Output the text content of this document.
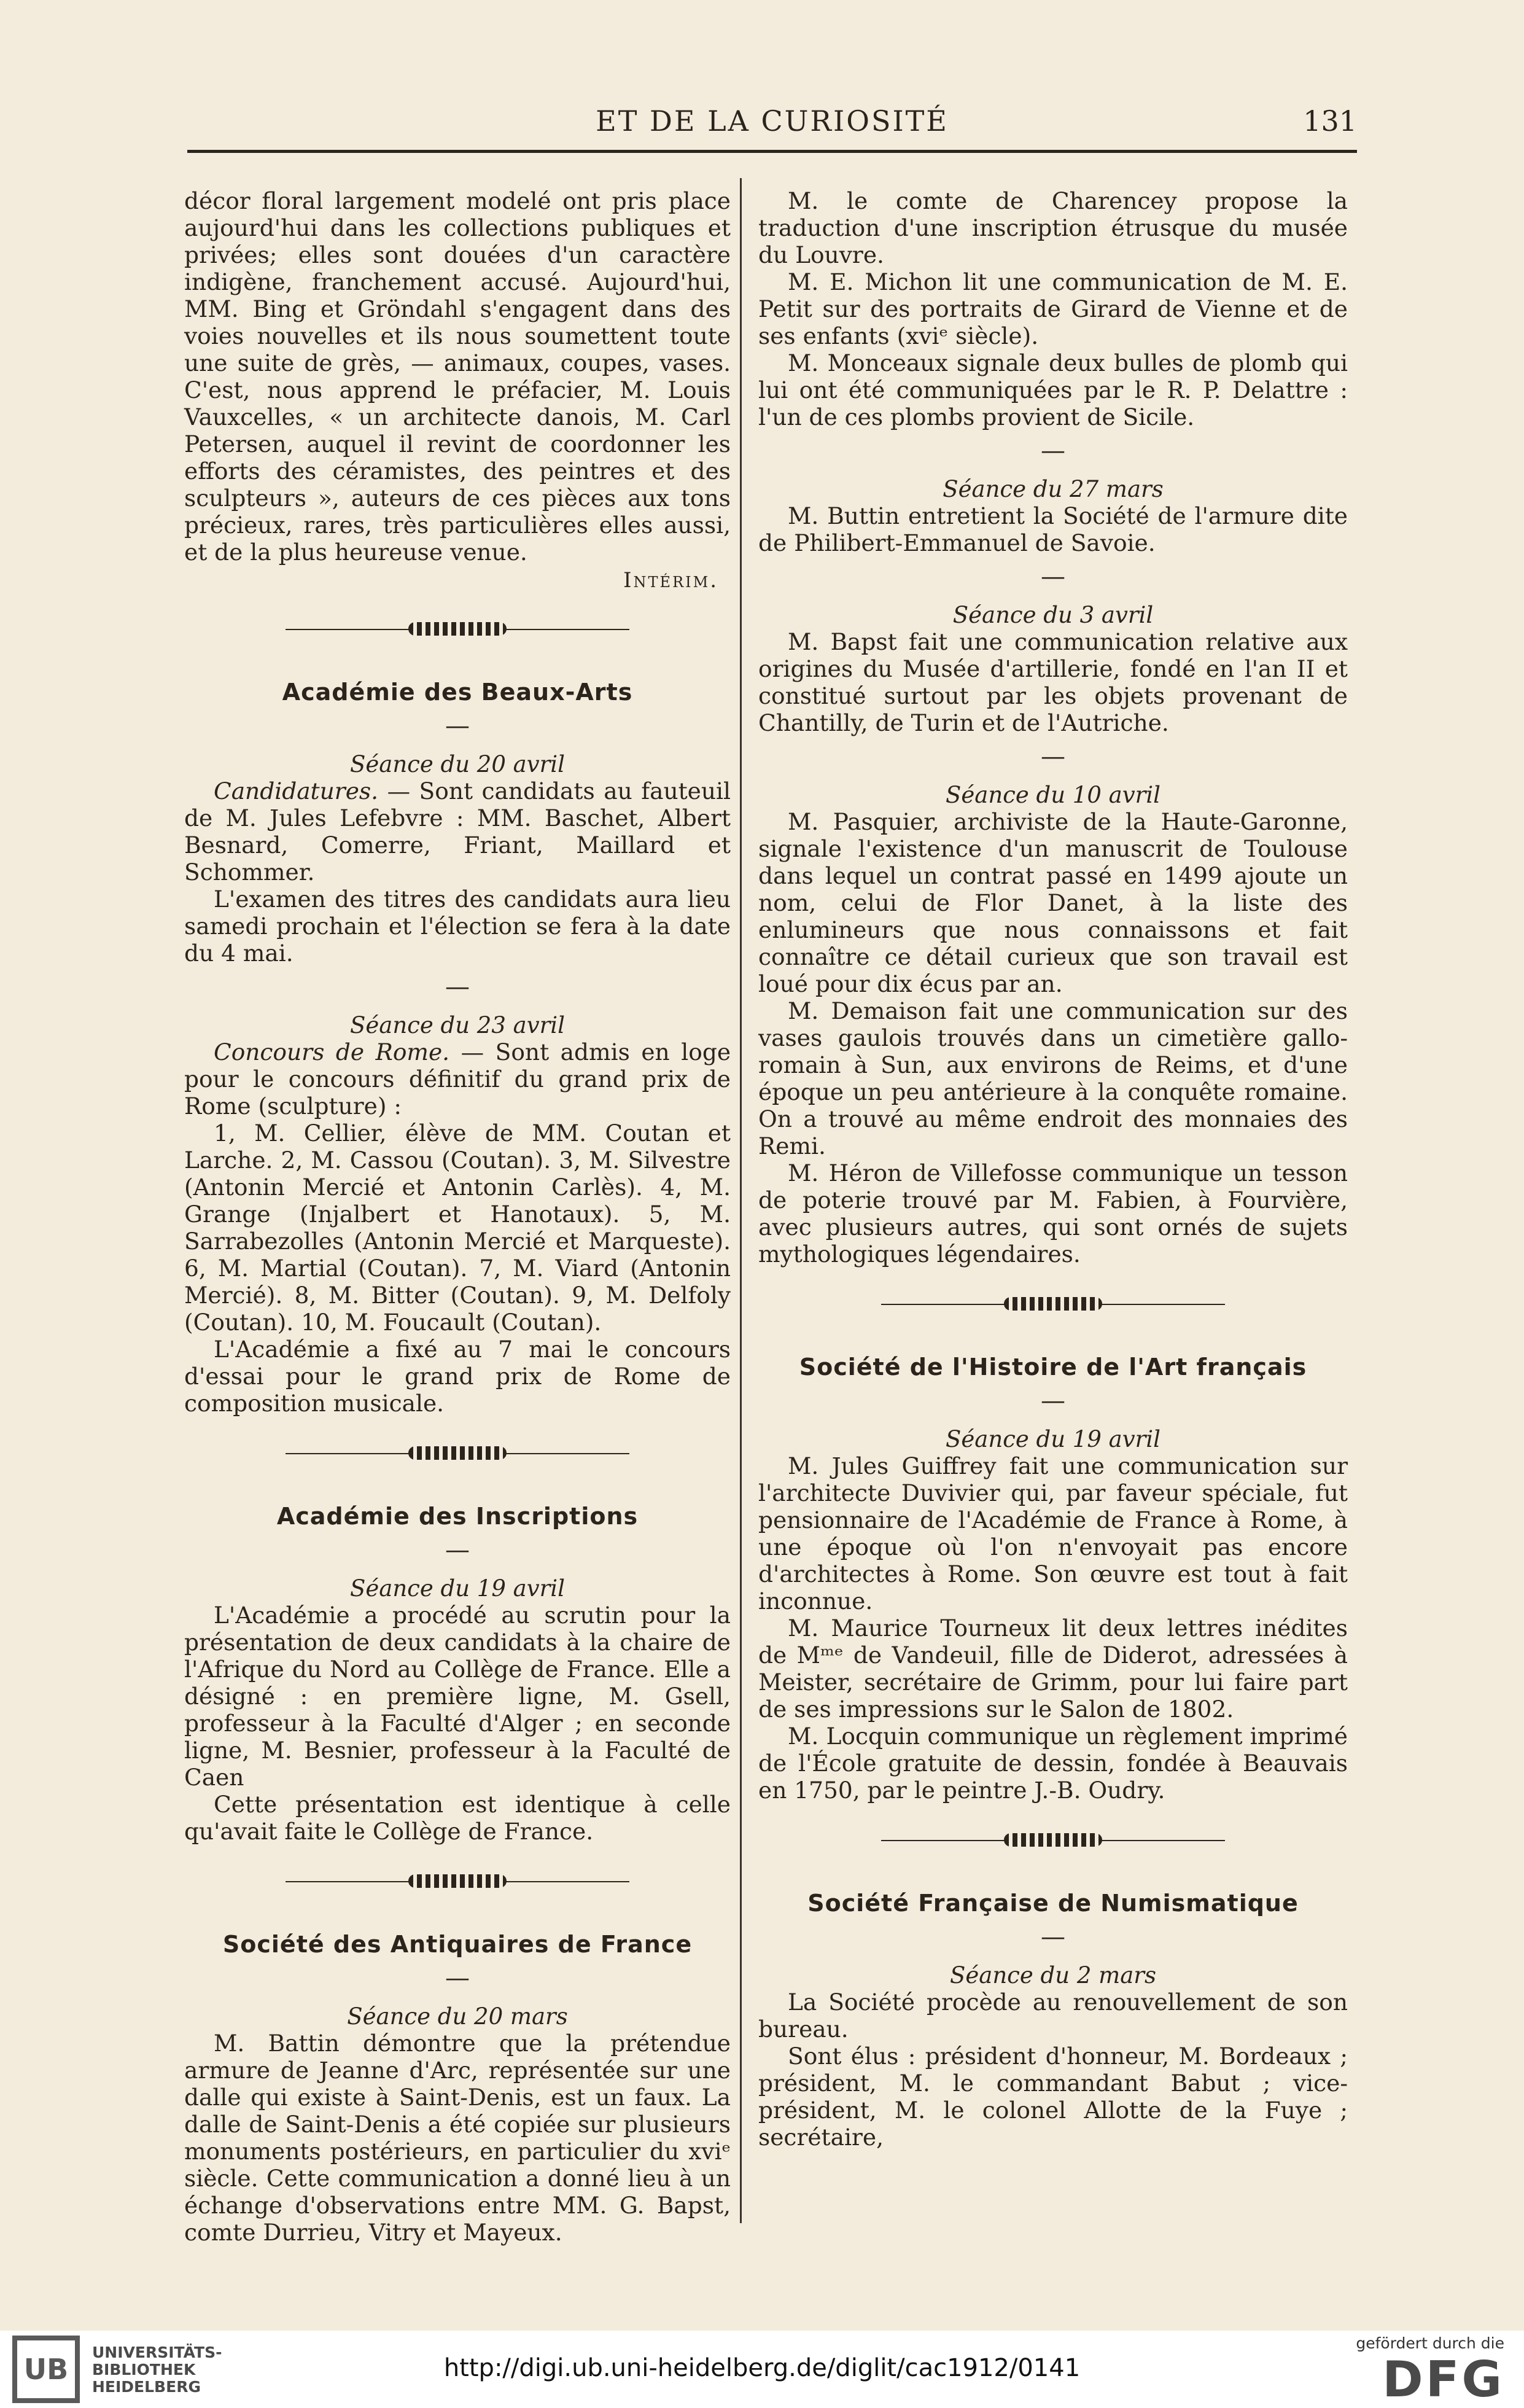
ET DE LA CURIOSITÉ	131

décor floral largement modelé ont pris place aujourd'hui dans les collections publiques et privées; elles sont douées d'un caractère indigène, franchement accusé. Aujourd'hui, MM. Bing et Gröndahl s'engagent dans des voies nouvelles et ils nous soumettent toute une suite de grès, — animaux, coupes, vases. C'est, nous apprend le préfacier, M. Louis Vauxcelles, « un architecte danois, M. Carl Petersen, auquel il revint de coordonner les efforts des céramistes, des peintres et des sculpteurs », auteurs de ces pièces aux tons précieux, rares, très particulières elles aussi, et de la plus heureuse venue.

Intérim.

Académie des Beaux-Arts

—

Séance du 20 avril

Candidatures. — Sont candidats au fauteuil de M. Jules Lefebvre : MM. Baschet, Albert Besnard, Comerre, Friant, Maillard et Schommer.

L'examen des titres des candidats aura lieu samedi prochain et l'élection se fera à la date du 4 mai.

—

Séance du 23 avril

Concours de Rome. — Sont admis en loge pour le concours définitif du grand prix de Rome (sculpture) :

1, M. Cellier, élève de MM. Coutan et Larche. 2, M. Cassou (Coutan). 3, M. Silvestre (Antonin Mercié et Antonin Carlès). 4, M. Grange (Injalbert et Hanotaux). 5, M. Sarrabezolles (Antonin Mercié et Marqueste). 6, M. Martial (Coutan). 7, M. Viard (Antonin Mercié). 8, M. Bitter (Coutan). 9, M. Delfoly (Coutan). 10, M. Foucault (Coutan).

L'Académie a fixé au 7 mai le concours d'essai pour le grand prix de Rome de composition musicale.

Académie des Inscriptions

—

Séance du 19 avril

L'Académie a procédé au scrutin pour la présentation de deux candidats à la chaire de l'Afrique du Nord au Collège de France. Elle a désigné : en première ligne, M. Gsell, professeur à la Faculté d'Alger ; en seconde ligne, M. Besnier, professeur à la Faculté de Caen

Cette présentation est identique à celle qu'avait faite le Collège de France.

Société des Antiquaires de France

—

Séance du 20 mars

M. Battin démontre que la prétendue armure de Jeanne d'Arc, représentée sur une dalle qui existe à Saint-Denis, est un faux. La dalle de Saint-Denis a été copiée sur plusieurs monuments postérieurs, en particulier du xviᵉ siècle. Cette communication a donné lieu à un échange d'observations entre MM. G. Bapst, comte Durrieu, Vitry et Mayeux.

M. le comte de Charencey propose la traduction d'une inscription étrusque du musée du Louvre.

M. E. Michon lit une communication de M. E. Petit sur des portraits de Girard de Vienne et de ses enfants (xviᵉ siècle).

M. Monceaux signale deux bulles de plomb qui lui ont été communiquées par le R. P. Delattre : l'un de ces plombs provient de Sicile.

—

Séance du 27 mars

M. Buttin entretient la Société de l'armure dite de Philibert-Emmanuel de Savoie.

—

Séance du 3 avril

M. Bapst fait une communication relative aux origines du Musée d'artillerie, fondé en l'an II et constitué surtout par les objets provenant de Chantilly, de Turin et de l'Autriche.

—

Séance du 10 avril

M. Pasquier, archiviste de la Haute-Garonne, signale l'existence d'un manuscrit de Toulouse dans lequel un contrat passé en 1499 ajoute un nom, celui de Flor Danet, à la liste des enlumineurs que nous connaissons et fait connaître ce détail curieux que son travail est loué pour dix écus par an.

M. Demaison fait une communication sur des vases gaulois trouvés dans un cimetière gallo-romain à Sun, aux environs de Reims, et d'une époque un peu antérieure à la conquête romaine. On a trouvé au même endroit des monnaies des Remi.

M. Héron de Villefosse communique un tesson de poterie trouvé par M. Fabien, à Fourvière, avec plusieurs autres, qui sont ornés de sujets mythologiques légendaires.

Société de l'Histoire de l'Art français

—

Séance du 19 avril

M. Jules Guiffrey fait une communication sur l'architecte Duvivier qui, par faveur spéciale, fut pensionnaire de l'Académie de France à Rome, à une époque où l'on n'envoyait pas encore d'architectes à Rome. Son œuvre est tout à fait inconnue.

M. Maurice Tourneux lit deux lettres inédites de Mᵐᵉ de Vandeuil, fille de Diderot, adressées à Meister, secrétaire de Grimm, pour lui faire part de ses impressions sur le Salon de 1802.

M. Locquin communique un règlement imprimé de l'École gratuite de dessin, fondée à Beauvais en 1750, par le peintre J.-B. Oudry.

Société Française de Numismatique

—

Séance du 2 mars

La Société procède au renouvellement de son bureau.

Sont élus : président d'honneur, M. Bordeaux ; président, M. le commandant Babut ; vice-président, M. le colonel Allotte de la Fuye ; secrétaire,

UB
UNIVERSITÄTS-
BIBLIOTHEK
HEIDELBERG
http://digi.ub.uni-heidelberg.de/diglit/cac1912/0141
gefördert durch die
DFG
